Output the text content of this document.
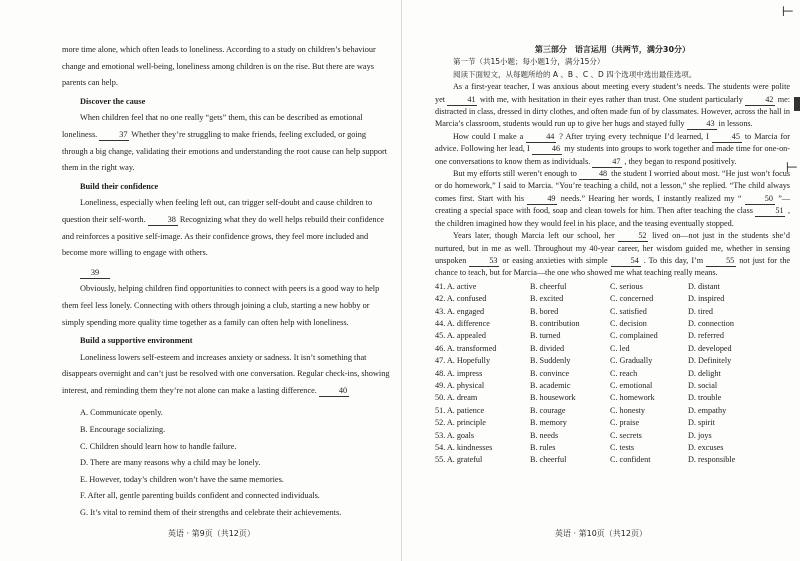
more time alone, which often leads to loneliness. According to a study on children’s behaviour change and emotional well-being, loneliness among children is on the rise. But there are ways parents can help.

Discover the cause

When children feel that no one really “gets” them, this can be described as emotional loneliness.	37 Whether they’re struggling to make friends, feeling excluded, or going through a big change, validating their emotions and understanding the root cause can help support them in the right way.

Build their confidence

Loneliness, especially when feeling left out, can trigger self-doubt and cause children to question their self-worth.	38 Recognizing what they do well helps rebuild their confidence and reinforces a positive self-image. As their confidence grows, they feel more included and become more willing to engage with others.

39

Obviously, helping children find opportunities to connect with peers is a good way to help them feel less lonely. Connecting with others through joining a club, starting a new hobby or simply spending more quality time together as a family can often help with loneliness.

Build a supportive environment

Loneliness lowers self-esteem and increases anxiety or sadness. It isn’t something that disappears overnight and can’t just be resolved with one conversation. Regular check-ins, showing interest, and reminding them they’re not alone can make a lasting difference.	40

A. Communicate openly.

B. Encourage socializing.

C. Children should learn how to handle failure.

D. There are many reasons why a child may be lonely.

E. However, today’s children won’t have the same memories.

F. After all, gentle parenting builds confident and connected individuals.

G. It’s vital to remind them of their strengths and celebrate their achievements.

英语 · 第9页（共12页）

第三部分　语言运用（共两节，满分30分）

第一节（共15小题；每小题1分，满分15分）

阅读下面短文，从每题所给的 A 、B 、C 、D 四个选项中选出最佳选项。

As a first-year teacher, I was anxious about meeting every student’s needs. The students were polite yet	41 with me, with hesitation in their eyes rather than trust. One student particularly	42 me: distracted in class, dressed in dirty clothes, and often made fun of by classmates. However, across the hall in Marcia’s classroom, students would run up to give her hugs and stayed fully	43 in lessons.

How could I make a	44 ? After trying every technique I’d learned, I	45 to Marcia for advice. Following her lead, I	46 my students into groups to work together and made time for one-on-one conversations to know them as individuals.	47 , they began to respond positively.

But my efforts still weren’t enough to	48 the student I worried about most. “He just won’t focus or do homework,” I said to Marcia. “You’re teaching a child, not a lesson,” she replied. “The child always comes first. Start with his	49 needs.” Hearing her words, I instantly realized my “	50 ”—creating a special space with food, soap and clean towels for him. Then after teaching the class	51 , the children imagined how they would feel in his place, and the teasing eventually stopped.

Years later, though Marcia left our school, her	52 lived on—not just in the students she’d nurtured, but in me as well. Throughout my 40-year career, her wisdom guided me, whether in sensing unspoken	53 or easing anxieties with simple	54 . To this day, I’m	55 not just for the chance to teach, but for Marcia—the one who showed me what teaching really means.

41. A. active	B. cheerful	C. serious	D. distant
42. A. confused	B. excited	C. concerned	D. inspired
43. A. engaged	B. bored	C. satisfied	D. tired
44. A. difference	B. contribution	C. decision	D. connection
45. A. appealed	B. turned	C. complained	D. referred
46. A. transformed	B. divided	C. led	D. developed
47. A. Hopefully	B. Suddenly	C. Gradually	D. Definitely
48. A. impress	B. convince	C. reach	D. delight
49. A. physical	B. academic	C. emotional	D. social
50. A. dream	B. housework	C. homework	D. trouble
51. A. patience	B. courage	C. honesty	D. empathy
52. A. principle	B. memory	C. praise	D. spirit
53. A. goals	B. needs	C. secrets	D. joys
54. A. kindnesses	B. rules	C. tests	D. excuses
55. A. grateful	B. cheerful	C. confident	D. responsible
英语 · 第10页（共12页）
⊢
⊢
